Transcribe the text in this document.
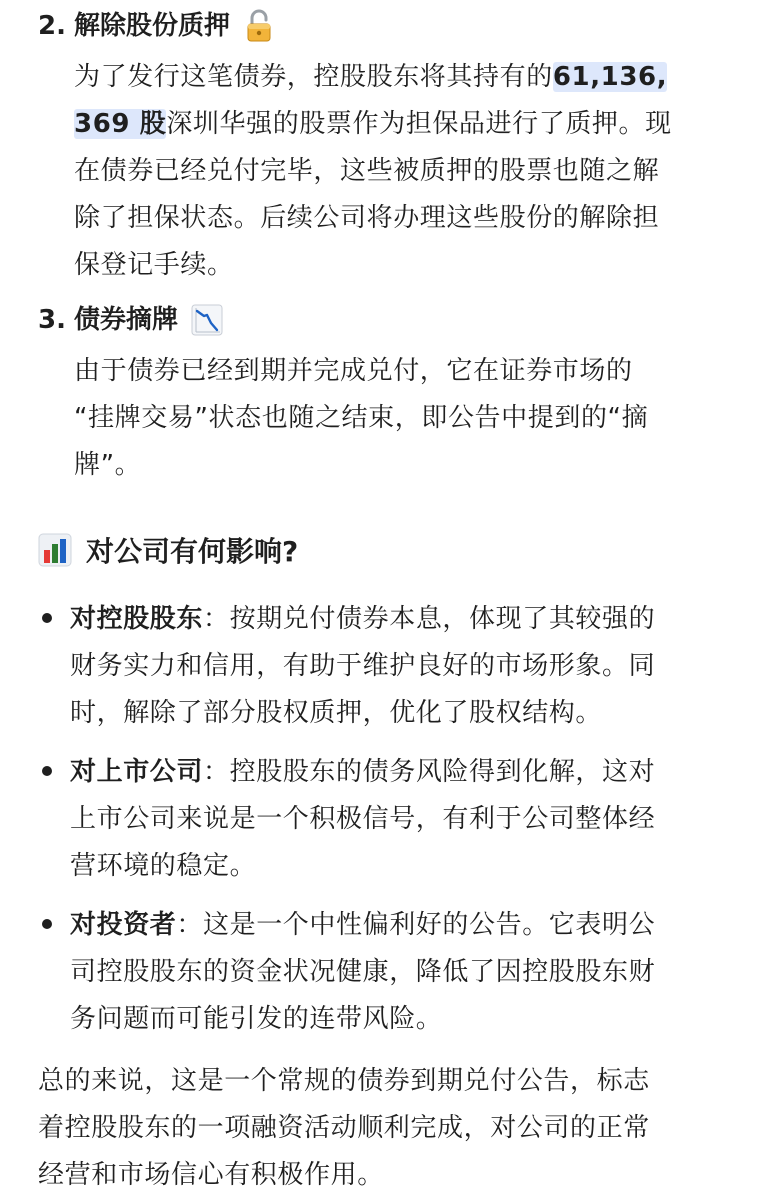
2. 解除股份质押
为了发行这笔债券，控股股东将其持有的61,136,
369 股深圳华强的股票作为担保品进行了质押。现
在债券已经兑付完毕，这些被质押的股票也随之解
除了担保状态。后续公司将办理这些股份的解除担
保登记手续。
3. 债券摘牌
由于债券已经到期并完成兑付，它在证券市场的
“挂牌交易”状态也随之结束，即公告中提到的“摘
牌”。
对公司有何影响?
对控股股东：按期兑付债券本息，体现了其较强的
财务实力和信用，有助于维护良好的市场形象。同
时，解除了部分股权质押，优化了股权结构。
对上市公司：控股股东的债务风险得到化解，这对
上市公司来说是一个积极信号，有利于公司整体经
营环境的稳定。
对投资者：这是一个中性偏利好的公告。它表明公
司控股股东的资金状况健康，降低了因控股股东财
务问题而可能引发的连带风险。
总的来说，这是一个常规的债券到期兑付公告，标志
着控股股东的一项融资活动顺利完成，对公司的正常
经营和市场信心有积极作用。
